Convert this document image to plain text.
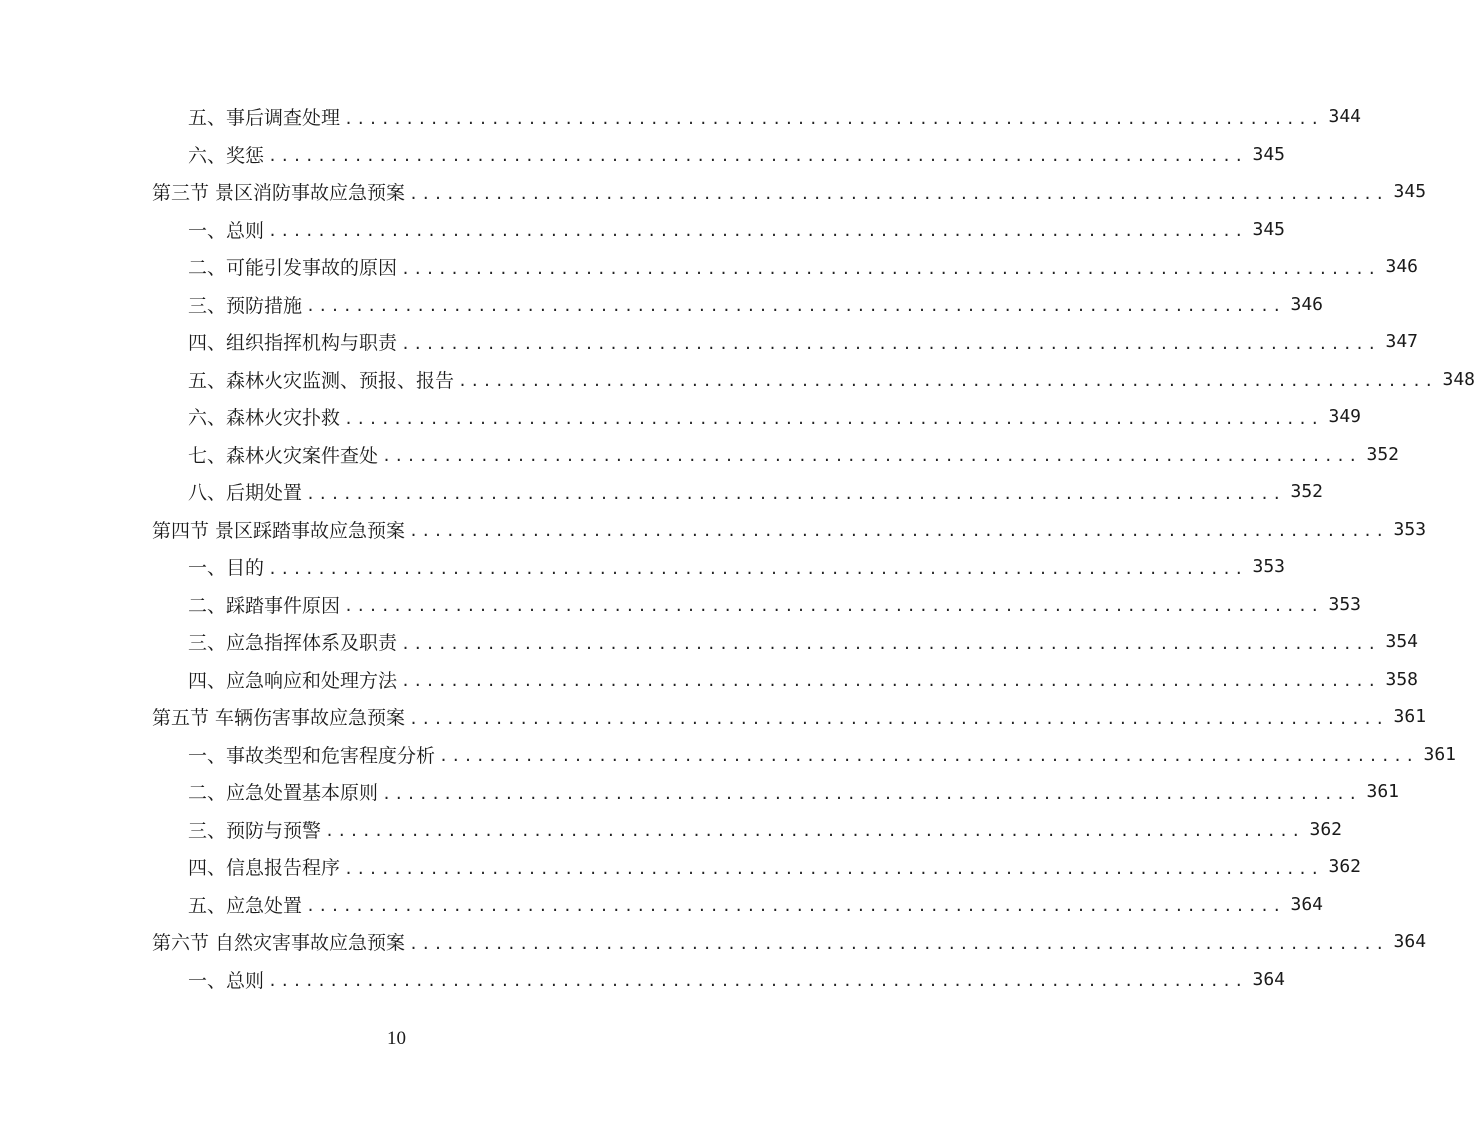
五、事后调查处理 ................................................................................ 344
六、奖惩 ................................................................................ 345
第三节 景区消防事故应急预案 ................................................................................ 345
一、总则 ................................................................................ 345
二、可能引发事故的原因 ................................................................................ 346
三、预防措施 ................................................................................ 346
四、组织指挥机构与职责 ................................................................................ 347
五、森林火灾监测、预报、报告 ................................................................................ 348
六、森林火灾扑救 ................................................................................ 349
七、森林火灾案件查处 ................................................................................ 352
八、后期处置 ................................................................................ 352
第四节 景区踩踏事故应急预案 ................................................................................ 353
一、目的 ................................................................................ 353
二、踩踏事件原因 ................................................................................ 353
三、应急指挥体系及职责 ................................................................................ 354
四、应急响应和处理方法 ................................................................................ 358
第五节 车辆伤害事故应急预案 ................................................................................ 361
一、事故类型和危害程度分析 ................................................................................ 361
二、应急处置基本原则 ................................................................................ 361
三、预防与预警 ................................................................................ 362
四、信息报告程序 ................................................................................ 362
五、应急处置 ................................................................................ 364
第六节 自然灾害事故应急预案 ................................................................................ 364
一、总则 ................................................................................ 364
10
